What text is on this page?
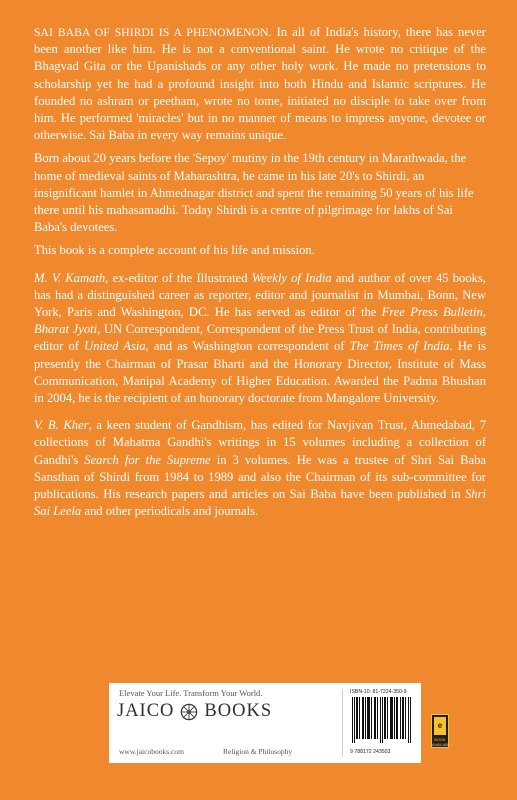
SAI BABA OF SHIRDI IS A PHENOMENON. In all of India's history, there has never been another like him. He is not a conventional saint. He wrote no critique of the Bhagvad Gita or the Upanishads or any other holy work. He made no pretensions to scholarship yet he had a profound insight into both Hindu and Islamic scriptures. He founded no ashram or peetham, wrote no tome, initiated no disciple to take over from him. He performed 'miracles' but in no manner of means to impress anyone, devotee or otherwise. Sai Baba in every way remains unique.

Born about 20 years before the 'Sepoy' mutiny in the 19th century in Marathwada, the home of medieval saints of Maharashtra, he came in his late 20's to Shirdi, an insignificant hamlet in Ahmednagar district and spent the remaining 50 years of his life there until his mahasamadhi. Today Shirdi is a centre of pilgrimage for lakhs of Sai Baba's devotees.

This book is a complete account of his life and mission.

M. V. Kamath, ex-editor of the Illustrated Weekly of India and author of over 45 books, has had a distinguished career as reporter, editor and journalist in Mumbai, Bonn, New York, Paris and Washington, DC. He has served as editor of the Free Press Bulletin, Bharat Jyoti, UN Correspondent, Correspondent of the Press Trust of India, contributing editor of United Asia, and as Washington correspondent of The Times of India. He is presently the Chairman of Prasar Bharti and the Honorary Director, Institute of Mass Communication, Manipal Academy of Higher Education. Awarded the Padma Bhushan in 2004, he is the recipient of an honorary doctorate from Mangalore University.

V. B. Kher, a keen student of Gandhism, has edited for Navjivan Trust, Ahmedabad, 7 collections of Mahatma Gandhi's writings in 15 volumes including a collection of Gandhi's Search for the Supreme in 3 volumes. He was a trustee of Shri Sai Baba Sansthan of Shirdi from 1984 to 1989 and also the Chairman of its sub-committee for publications. His research papers and articles on Sai Baba have been published in Shri Sai Leela and other periodicals and journals.

Elevate Your Life. Transform Your World.
JAICO BOOKS
www.jaicobooks.com	Religion & Philosophy
ISBN-10: 81-7224-350-9
9 788172 243503
e
BOOK AVAILABLE
